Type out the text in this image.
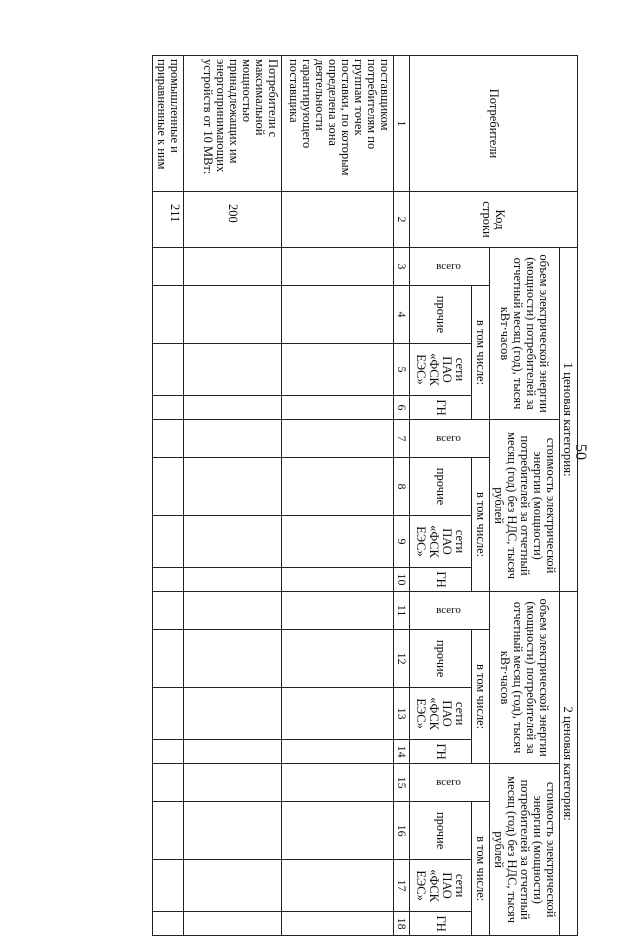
50
Потребители	Код строки	1 ценовая категория:								2 ценовая категория:							
		объем электрической энергии (мощности) потребителей за отчетный месяц (год), тысяч кВт·часов				стоимость электрической энергии (мощности) потребителей за отчетный месяц (год) без НДС, тысяч рублей				объем электрической энергии (мощности) потребителей за отчетный месяц (год), тысяч кВт·часов				стоимость электрической энергии (мощности) потребителей за отчетный месяц (год) без НДС, тысяч рублей			
		всего	в том числе:			всего	в том числе:			всего	в том числе:			всего	в том числе:		
			прочие	сети ПАО «ФСК ЕЭС»	ГН		прочие	сети ПАО «ФСК ЕЭС»	ГН		прочие	сети ПАО «ФСК ЕЭС»	ГН		прочие	сети ПАО «ФСК ЕЭС»	ГН
1	2	3	4	5	6	7	8	9	10	11	12	13	14	15	16	17	18
поставщиком потребителям по группам точек поставки, по которым определена зона деятельности гарантирующего поставщика																	
Потребители с максимальной мощностью принадлежащих им энергопринимающих устройств от 10 МВт:	200																
промышленные и приравненные к ним	211																
